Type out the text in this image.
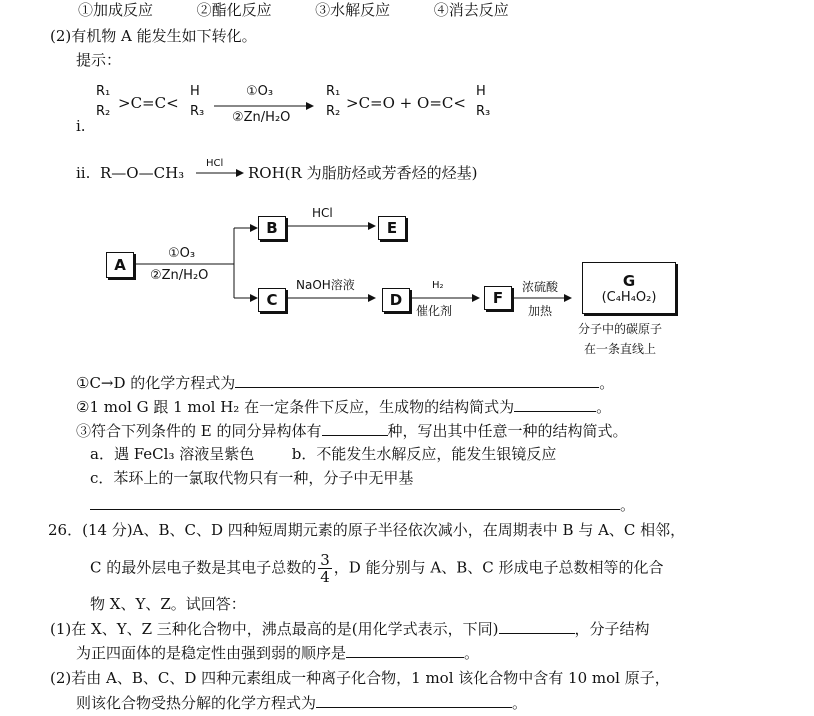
①加成反应	②酯化反应	③水解反应	④消去反应
(2)有机物 A 能发生如下转化。
提示：
i.
R₁
R₂ >C=C<
H
R₃
①O₃
②Zn/H₂O
R₁
R₂ >C=O + O=C<
H
R₃
ii. R—O—CH₃
HCl
ROH(R 为脂肪烃或芳香烃的烃基)
A
B	E
C	D	F
①O₃
②Zn/H₂O
HCl
NaOH溶液	H₂
催化剂
浓硫酸
加热
G
(C₄H₄O₂)
分子中的碳原子
在一条直线上
①C→D 的化学方程式为	。
②1 mol G 跟 1 mol H₂ 在一定条件下反应，生成物的结构简式为	。
③符合下列条件的 E 的同分异构体有	种，写出其中任意一种的结构简式。
a．遇 FeCl₃ 溶液呈紫色	b．不能发生水解反应，能发生银镜反应
c．苯环上的一氯取代物只有一种，分子中无甲基
。
26．(14 分)A、B、C、D 四种短周期元素的原子半径依次减小，在周期表中 B 与 A、C 相邻，
C 的最外层电子数是其电子总数的 $\frac{3}{4}$ ，D 能分别与 A、B、C 形成电子总数相等的化合
物 X、Y、Z。试回答：
(1)在 X、Y、Z 三种化合物中，沸点最高的是(用化学式表示，下同)	，分子结构
为正四面体的是稳定性由强到弱的顺序是	。
(2)若由 A、B、C、D 四种元素组成一种离子化合物，1 mol 该化合物中含有 10 mol 原子，
则该化合物受热分解的化学方程式为	。
